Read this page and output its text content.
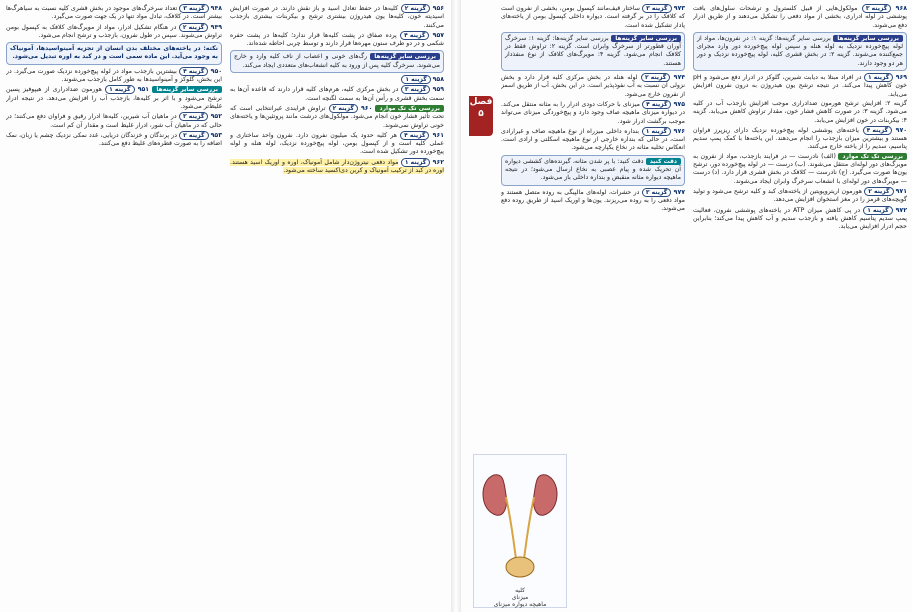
۹۵۶ گزینه ۲ کلیه‌ها در حفظ تعادل اسید و باز نقش دارند. در صورت افزایش اسیدیته خون، کلیه‌ها یون هیدروژن بیشتری ترشح و بیکربنات بیشتری بازجذب می‌کنند.

۹۵۷ گزینه ۴ پرده صفاق در پشت کلیه‌ها قرار ندارد؛ کلیه‌ها در پشت حفره شکمی و در دو طرف ستون مهره‌ها قرار دارند و توسط چربی احاطه شده‌اند.

بررسی سایر گزینه‌ها رگ‌های خونی و اعصاب از ناف کلیه وارد و خارج می‌شوند. سرخرگ کلیه پس از ورود به کلیه انشعاب‌های متعددی ایجاد می‌کند.

۹۵۸ گزینه ۱

۹۵۹ گزینه ۳ در بخش مرکزی کلیه، هرم‌های کلیه قرار دارند که قاعده آن‌ها به سمت بخش قشری و رأس آن‌ها به سمت لگنچه است.

بررسی تک تک موارد ۹۶۰ گزینه ۲ تراوش فرایندی غیرانتخابی است که تحت تأثیر فشار خون انجام می‌شود. مولکول‌های درشت مانند پروتئین‌ها و یاخته‌های خونی تراوش نمی‌شوند.

۹۶۱ گزینه ۴ هر کلیه حدود یک میلیون نفرون دارد. نفرون واحد ساختاری و عملی کلیه است و از کپسول بومن، لوله پیچ‌خورده نزدیک، لوله هنله و لوله پیچ‌خورده دور تشکیل شده است.

۹۶۲ گزینه ۱ مواد دفعی نیتروژن‌دار شامل آمونیاک، اوره و اوریک اسید هستند. اوره در کبد از ترکیب آمونیاک و کربن دی‌اکسید ساخته می‌شود.

۹۴۸ گزینه ۳ تعداد سرخرگ‌های موجود در بخش قشری کلیه نسبت به سیاهرگ‌ها بیشتر است. در کلافک، تبادل مواد تنها در یک جهت صورت می‌گیرد.

۹۴۹ گزینه ۲ در هنگام تشکیل ادرار، مواد از مویرگ‌های کلافک به کپسول بومن تراوش می‌شوند. سپس در طول نفرون، بازجذب و ترشح انجام می‌شود.

نکته: در یاخته‌های مختلف بدن انسان از تجزیه آمینواسیدها، آمونیاک به وجود می‌آید. این ماده سمی است و در کبد به اوره تبدیل می‌شود.

۹۵۰ گزینه ۴ بیشترین بازجذب مواد در لوله پیچ‌خورده نزدیک صورت می‌گیرد. در این بخش، گلوکز و آمینواسیدها به طور کامل بازجذب می‌شوند.

بررسی سایر گزینه‌ها ۹۵۱ گزینه ۱ هورمون ضدادراری از هیپوفیز پسین ترشح می‌شود و با اثر بر کلیه‌ها، بازجذب آب را افزایش می‌دهد. در نتیجه ادرار غلیظ‌تر می‌شود.

۹۵۲ گزینه ۳ در ماهیان آب شیرین، کلیه‌ها ادرار رقیق و فراوان دفع می‌کنند؛ در حالی که در ماهیان آب شور، ادرار غلیظ است و مقدار آن کم است.

۹۵۳ گزینه ۲ در پرندگان و خزندگان دریایی، غدد نمکی نزدیک چشم یا زبان، نمک اضافه را به صورت قطره‌های غلیظ دفع می‌کنند.

فصل
۵

۹۶۸ گزینه ۳ مولکول‌هایی از قبیل کلسترول و ترشحات سلول‌های بافت پوششی در لوله ادراری، بخشی از مواد دفعی را تشکیل می‌دهند و از طریق ادرار دفع می‌شوند.

بررسی سایر گزینه‌ها بررسی سایر گزینه‌ها: گزینه ۱: در نفرون‌ها، مواد از لوله پیچ‌خورده نزدیک به لوله هنله و سپس لوله پیچ‌خورده دور وارد مجرای جمع‌کننده می‌شوند. گزینه ۲: در بخش قشری کلیه، لوله پیچ‌خورده نزدیک و دور هر دو وجود دارند.

۹۶۹ گزینه ۱ در افراد مبتلا به دیابت شیرین، گلوکز در ادرار دفع می‌شود و pH خون کاهش پیدا می‌کند. در نتیجه ترشح یون هیدروژن به درون نفرون افزایش می‌یابد.

گزینه ۲: افزایش ترشح هورمون ضدادراری موجب افزایش بازجذب آب در کلیه می‌شود. گزینه ۳: در صورت کاهش فشار خون، مقدار تراوش کاهش می‌یابد. گزینه ۴: بیکربنات در خون افزایش می‌یابد.

۹۷۰ گزینه ۴ یاخته‌های پوششی لوله پیچ‌خورده نزدیک دارای ریزپرز فراوان هستند و بیشترین میزان بازجذب را انجام می‌دهند. این یاخته‌ها با کمک پمپ سدیم پتاسیم، سدیم را از یاخته خارج می‌کنند.

بررسی تک تک موارد (الف) نادرست — در فرایند بازجذب، مواد از نفرون به مویرگ‌های دور لوله‌ای منتقل می‌شوند. (ب) درست — در لوله پیچ‌خورده دور، ترشح یون‌ها صورت می‌گیرد. (ج) نادرست — کلافک در بخش قشری قرار دارد. (د) درست — مویرگ‌های دور لوله‌ای با انشعاب سرخرگ وابران ایجاد می‌شوند.

۹۷۱ گزینه ۲ هورمون اریتروپویتین از یاخته‌های کبد و کلیه ترشح می‌شود و تولید گویچه‌های قرمز را در مغز استخوان افزایش می‌دهد.

۹۷۲ گزینه ۱ در پی کاهش میزان ATP در یاخته‌های پوششی نفرون، فعالیت پمپ سدیم پتاسیم کاهش یافته و بازجذب سدیم و آب کاهش پیدا می‌کند؛ بنابراین حجم ادرار افزایش می‌یابد.

۹۷۳ گزینه ۳ ساختار قیف‌مانند کپسول بومن، بخشی از نفرون است که کلافک را در بر گرفته است. دیواره داخلی کپسول بومن از یاخته‌های پادار تشکیل شده است.

بررسی سایر گزینه‌ها بررسی سایر گزینه‌ها: گزینه ۱: سرخرگ آوران قطورتر از سرخرگ وابران است. گزینه ۲: تراوش فقط در کلافک انجام می‌شود. گزینه ۴: مویرگ‌های کلافک از نوع منفذدار هستند.

۹۷۴ گزینه ۲ لوله هنله در بخش مرکزی کلیه قرار دارد و بخش نزولی آن نسبت به آب نفوذپذیر است. در این بخش، آب از طریق اسمز از نفرون خارج می‌شود.

۹۷۵ گزینه ۴ میزنای با حرکات دودی ادرار را به مثانه منتقل می‌کند. در دیواره میزنای ماهیچه صاف وجود دارد و پیچ‌خوردگی میزنای می‌تواند موجب برگشت ادرار شود.

۹۷۶ گزینه ۱ بنداره داخلی میزراه از نوع ماهیچه صاف و غیرارادی است، در حالی که بنداره خارجی از نوع ماهیچه اسکلتی و ارادی است. انعکاس تخلیه مثانه در نخاع یکپارچه می‌شود.

دقت کنید دقت کنید: با پر شدن مثانه، گیرنده‌های کششی دیواره آن تحریک شده و پیام عصبی به نخاع ارسال می‌شود؛ در نتیجه ماهیچه دیواره مثانه منقبض و بنداره داخلی باز می‌شود.

۹۷۷ گزینه ۳ در حشرات، لوله‌های مالپیگی به روده متصل هستند و مواد دفعی را به روده می‌ریزند. یون‌ها و اوریک اسید از طریق روده دفع می‌شوند.

کلیه
میزنای
ماهیچه دیواره میزنای
